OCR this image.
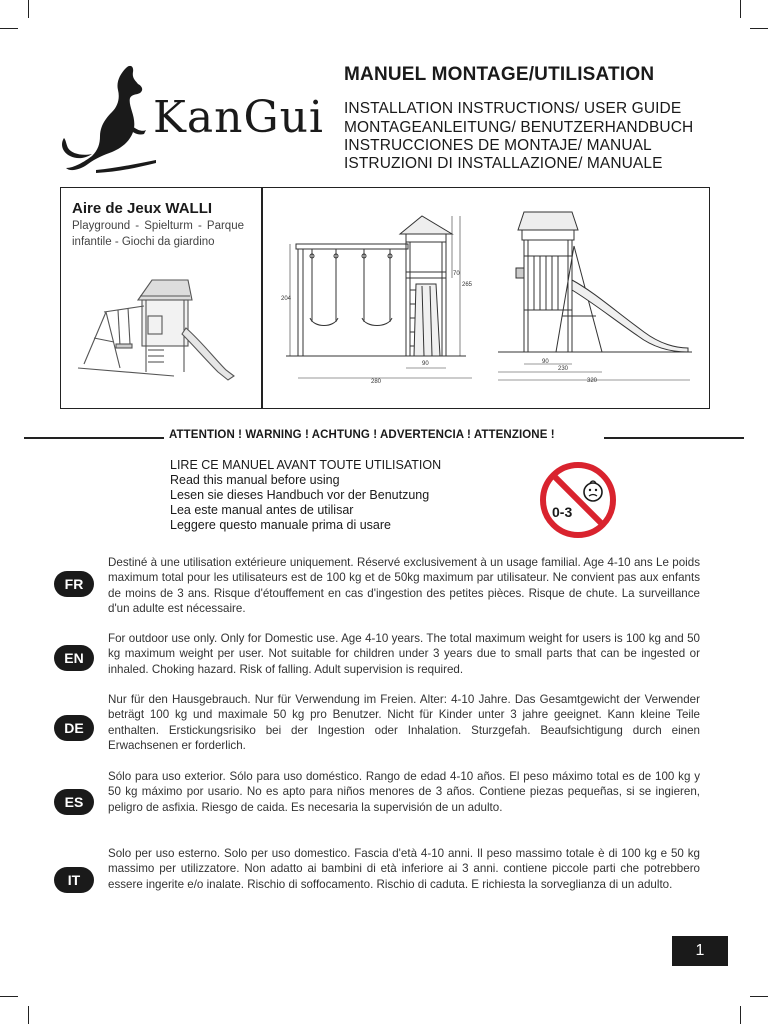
KanGui
MANUEL MONTAGE/UTILISATION
INSTALLATION INSTRUCTIONS/ USER GUIDE
MONTAGEANLEITUNG/ BENUTZERHANDBUCH
INSTRUCCIONES DE MONTAJE/ MANUAL
ISTRUZIONI DI INSTALLAZIONE/ MANUALE
Aire de Jeux WALLI
Playground - Spielturm - Parque infantile - Giochi da giardino
204
70
265
90
280
90
230
320
ATTENTION ! WARNING ! ACHTUNG ! ADVERTENCIA ! ATTENZIONE !
LIRE CE MANUEL AVANT TOUTE UTILISATION
Read this manual before using
Lesen sie dieses Handbuch vor der Benutzung
Lea este manual antes de utilisar
Leggere questo manuale prima di usare
0-3
FR
Destiné à une utilisation extérieure uniquement. Réservé exclusivement à un usage familial. Age 4-10 ans Le poids maximum total pour les utilisateurs est de 100 kg et de 50kg maximum par utilisateur. Ne convient pas aux enfants de moins de 3 ans. Risque d'étouffement en cas d'ingestion des petites pièces. Risque de chute. La surveillance d'un adulte est nécessaire.
EN
For outdoor use only. Only for Domestic use. Age 4-10 years. The total maximum weight for users is 100 kg and 50 kg maximum weight per user. Not suitable for children under 3 years due to small parts that can be ingested or inhaled. Choking hazard. Risk of falling. Adult supervision is required.
DE
Nur für den Hausgebrauch. Nur für Verwendung im Freien. Alter: 4-10 Jahre. Das Gesamtgewicht der Verwender beträgt 100 kg und maximale 50 kg pro Benutzer. Nicht für Kinder unter 3 jahre geeignet. Kann kleine Teile enthalten. Erstickungsrisiko bei der Ingestion oder Inhalation. Sturzgefah. Beaufsichtigung durch einen Erwachsenen er forderlich.
ES
Sólo para uso exterior. Sólo para uso doméstico. Rango de edad 4-10 años. El peso máximo total es de 100 kg y 50 kg máximo por usario. No es apto para niños menores de 3 años. Contiene piezas pequeñas, si se ingieren, peligro de asfixia. Riesgo de caida. Es necesaria la supervisión de un adulto.
IT
Solo per uso esterno. Solo per uso domestico. Fascia d'età 4-10 anni. Il peso massimo totale è di 100 kg e 50 kg massimo per utilizzatore. Non adatto ai bambini di età inferiore ai 3 anni. contiene piccole parti che potrebbero essere ingerite e/o inalate. Rischio di soffocamento. Rischio di caduta. E richiesta la sorveglianza di un adulto.
1
